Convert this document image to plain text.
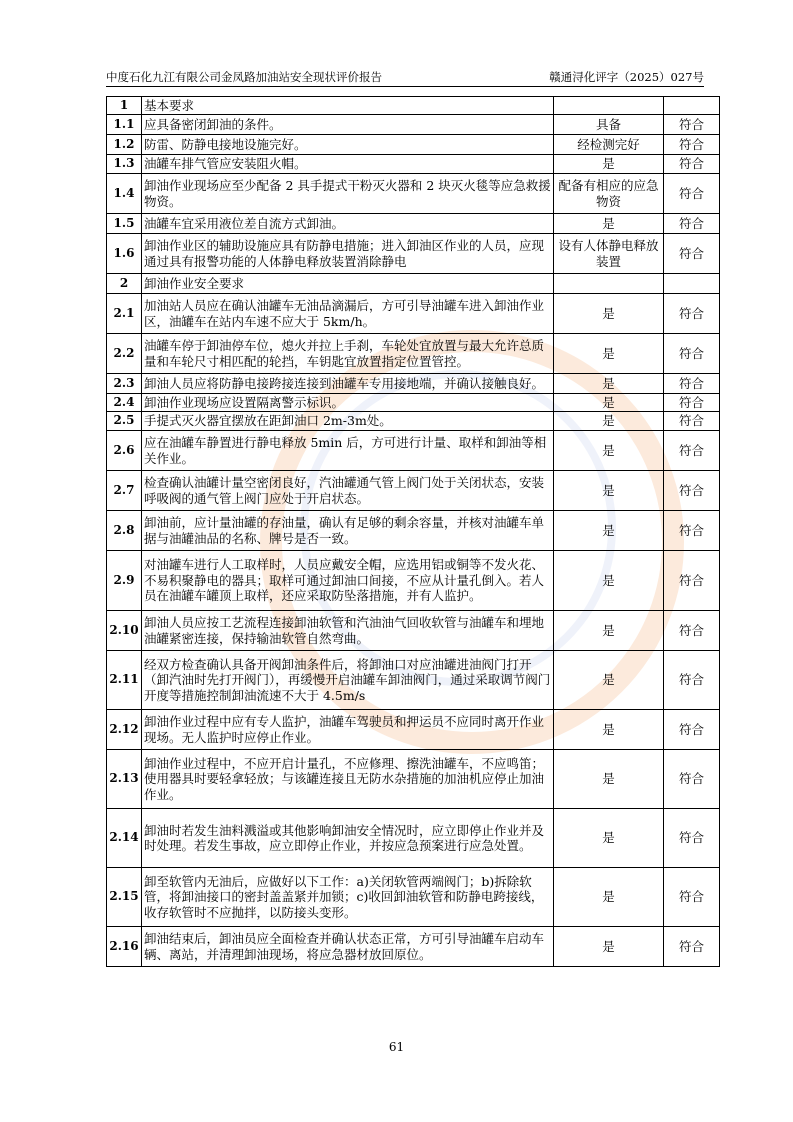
中度石化九江有限公司金凤路加油站安全现状评价报告	赣通浔化评字（2025）027号
1	基本要求		
1.1	应具备密闭卸油的条件。	具备	符合
1.2	防雷、防静电接地设施完好。	经检测完好	符合
1.3	油罐车排气管应安装阻火帽。	是	符合
1.4	卸油作业现场应至少配备 2 具手提式干粉灭火器和 2 块灭火毯等应急救援物资。	配备有相应的应急物资	符合
1.5	油罐车宜采用液位差自流方式卸油。	是	符合
1.6	卸油作业区的辅助设施应具有防静电措施；进入卸油区作业的人员，应现通过具有报警功能的人体静电释放装置消除静电	设有人体静电释放装置	符合
2	卸油作业安全要求		
2.1	加油站人员应在确认油罐车无油品滴漏后，方可引导油罐车进入卸油作业区，油罐车在站内车速不应大于 5km/h。	是	符合
2.2	油罐车停于卸油停车位，熄火并拉上手刹，车轮处宜放置与最大允许总质量和车轮尺寸相匹配的轮挡，车钥匙宜放置指定位置管控。	是	符合
2.3	卸油人员应将防静电接跨接连接到油罐车专用接地端，并确认接触良好。	是	符合
2.4	卸油作业现场应设置隔离警示标识。	是	符合
2.5	手提式灭火器宜摆放在距卸油口 2m-3m处。	是	符合
2.6	应在油罐车静置进行静电释放 5min 后，方可进行计量、取样和卸油等相关作业。	是	符合
2.7	检查确认油罐计量空密闭良好，汽油罐通气管上阀门处于关闭状态，安装呼吸阀的通气管上阀门应处于开启状态。	是	符合
2.8	卸油前，应计量油罐的存油量，确认有足够的剩余容量，并核对油罐车单据与油罐油品的名称、牌号是否一致。	是	符合
2.9	对油罐车进行人工取样时，人员应戴安全帽，应选用铝或铜等不发火花、不易积聚静电的器具；取样可通过卸油口间接，不应从计量孔倒入。若人员在油罐车罐顶上取样，还应采取防坠落措施，并有人监护。	是	符合
2.10	卸油人员应按工艺流程连接卸油软管和汽油油气回收软管与油罐车和埋地油罐紧密连接，保持输油软管自然弯曲。	是	符合
2.11	经双方检查确认具备开阀卸油条件后，将卸油口对应油罐进油阀门打开（卸汽油时先打开阀门），再缓慢开启油罐车卸油阀门，通过采取调节阀门开度等措施控制卸油流速不大于 4.5m/s	是	符合
2.12	卸油作业过程中应有专人监护，油罐车驾驶员和押运员不应同时离开作业现场。无人监护时应停止作业。	是	符合
2.13	卸油作业过程中，不应开启计量孔，不应修理、擦洗油罐车，不应鸣笛；使用器具时要轻拿轻放；与该罐连接且无防水杂措施的加油机应停止加油作业。	是	符合
2.14	卸油时若发生油料溅溢或其他影响卸油安全情况时，应立即停止作业并及时处理。若发生事故，应立即停止作业，并按应急预案进行应急处置。	是	符合
2.15	卸至软管内无油后，应做好以下工作：a)关闭软管两端阀门；b)拆除软管，将卸油接口的密封盖盖紧并加锁；c)收回卸油软管和防静电跨接线，收存软管时不应抛拌，以防接头变形。	是	符合
2.16	卸油结束后，卸油员应全面检查并确认状态正常，方可引导油罐车启动车辆、离站，并清理卸油现场，将应急器材放回原位。	是	符合
61
